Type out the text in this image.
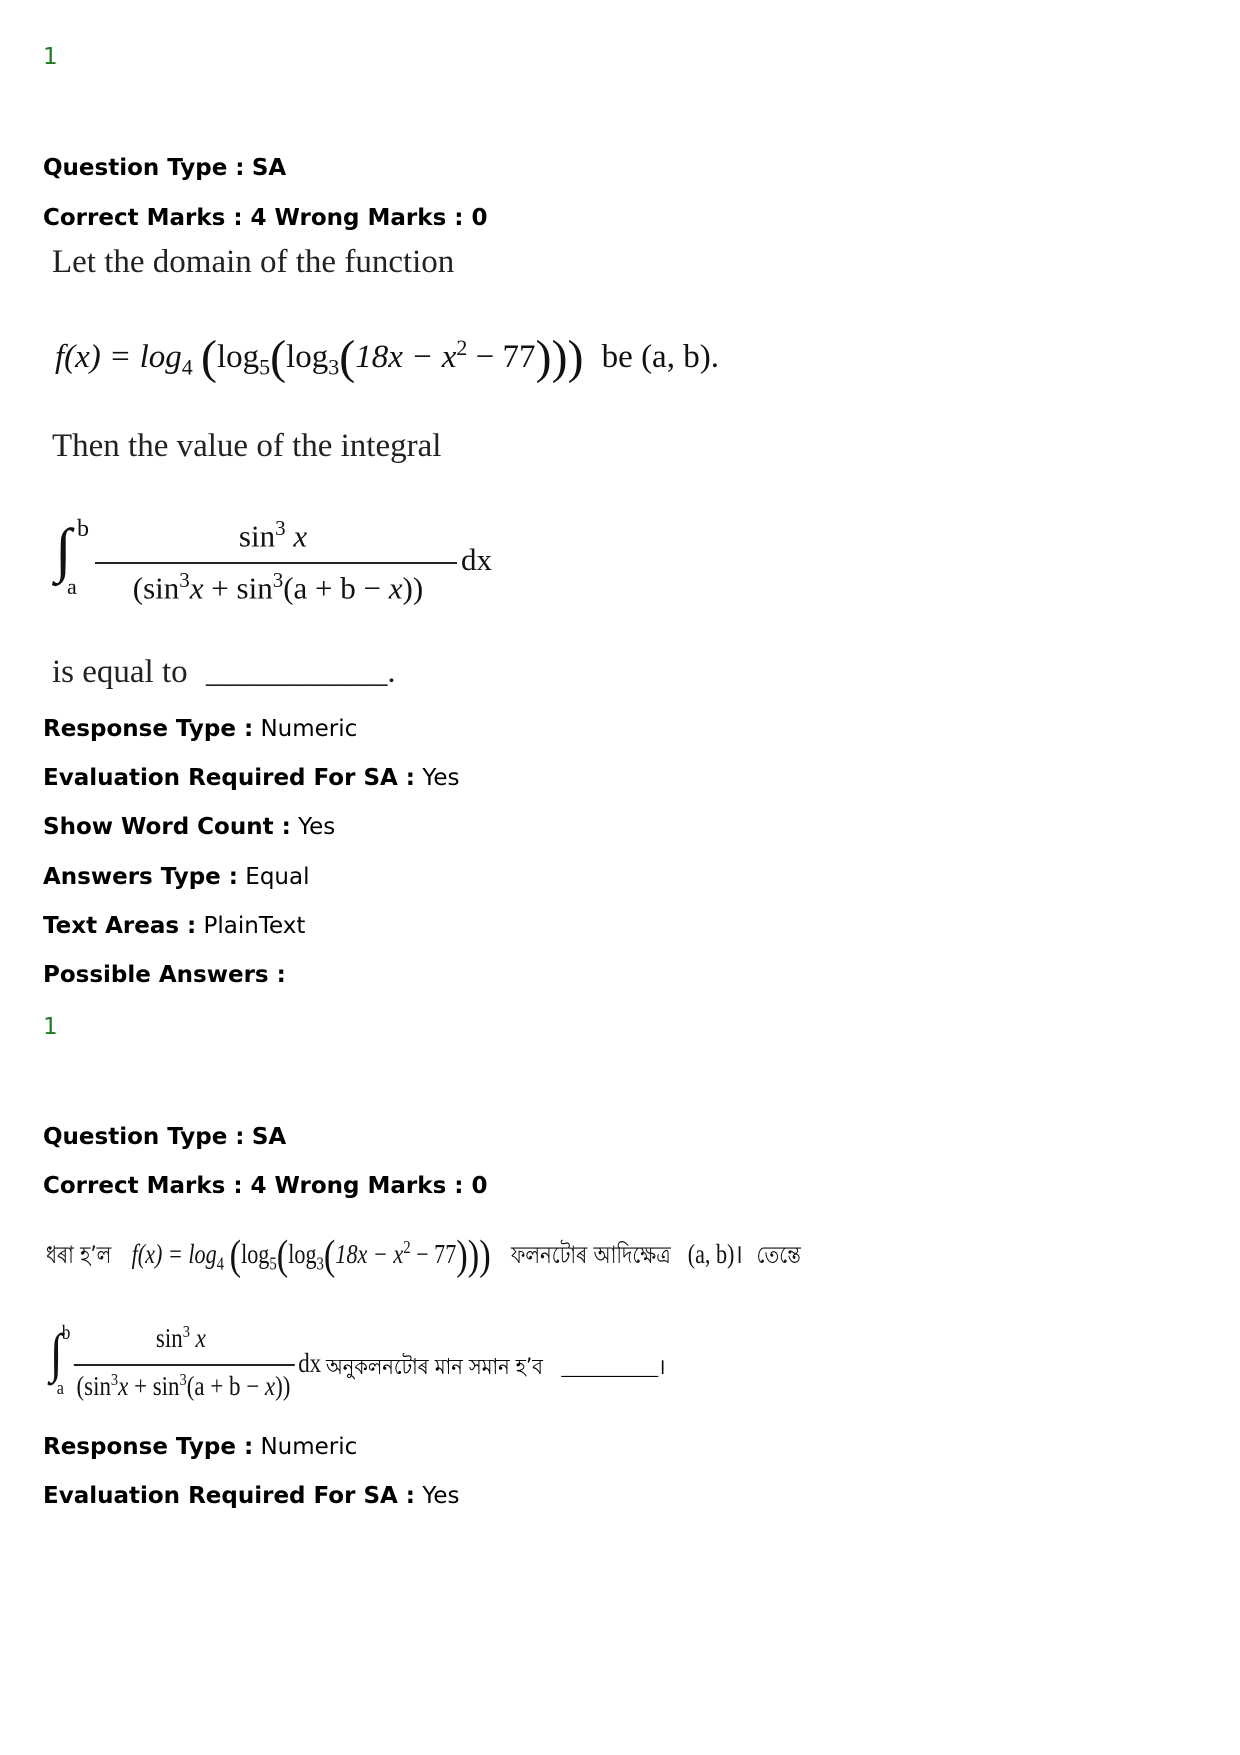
1
Question Type : SA
Correct Marks : 4 Wrong Marks : 0
Let the domain of the function
$f(x) = \log_4 (\log_5(\log_3(18x - x^2 - 77)))$ be (a, b).
Then the value of the integral
∫ b
a
$\sin^3 x$
$(\sin^3x + \sin^3(a + b - x))$
dx
is equal to ___________.
Response Type : Numeric
Evaluation Required For SA : Yes
Show Word Count : Yes
Answers Type : Equal
Text Areas : PlainText
Possible Answers :
1
Question Type : SA
Correct Marks : 4 Wrong Marks : 0
ধৰা হ’ল $f(x) = \log_4 (\log_5(\log_3(18x - x^2 - 77)))$ ফলনটোৰ আদিক্ষেত্ৰ (a, b)। তেন্তে
∫ b
a
$\sin^3 x$
$(\sin^3x + \sin^3(a + b - x))$
dx অনুকলনটোৰ মান সমান হ’ব __________।
Response Type : Numeric
Evaluation Required For SA : Yes
